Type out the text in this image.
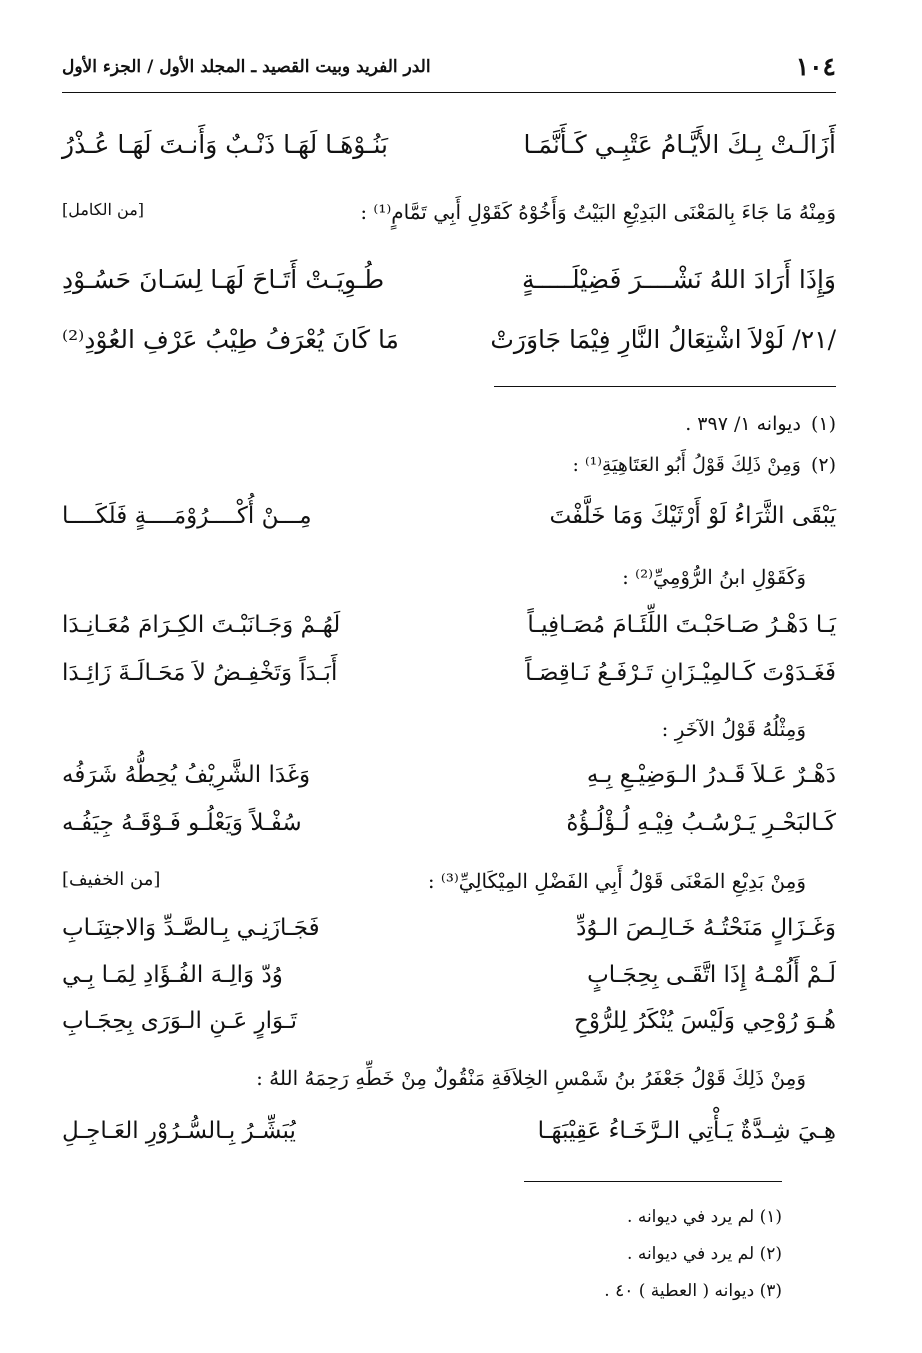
١٠٤
الدر الفريد وبيت القصيد ـ المجلد الأول / الجزء الأول
أَزَالَـتْ بِـكَ الأَيَّـامُ عَتْبِـي كَـأَنَّمَـا
بَنُـوْهَـا لَهَـا ذَنْـبٌ وَأَنـتَ لَهَـا عُـذْرُ
وَمِنْهُ مَا جَاءَ بِالمَعْنَى البَدِيْعِ البَيْتُ وَأَخُوْهُ كَقَوْلِ أَبِي تَمَّامٍ⁽¹⁾ :
[من الكامل]
وَإِذَا أَرَادَ اللهُ نَشْــــرَ فَضِيْلَـــــةٍ
طُـوِيَـتْ أَتَـاحَ لَهَـا لِسَـانَ حَسُـوْدِ
/٢١/ لَوْلاَ اشْتِعَالُ النَّارِ فِيْمَا جَاوَرَتْ
مَا كَانَ يُعْرَفُ طِيْبُ عَرْفِ العُوْدِ⁽²⁾
(١)ديوانه ١/ ٣٩٧ .
(٢)وَمِنْ ذَلِكَ قَوْلُ أَبُو العَتَاهِيَةِ⁽¹⁾ :
يَبْقَى الثَّرَاءُ لَوْ أَرْثَيْكَ وَمَا خَلَّفْتَ
مِـــنْ أُكْــــرُوْمَــــةٍ فَلَكَــــا
وَكَقَوْلِ ابنُ الرُّوْمِيِّ⁽²⁾ :
يَـا دَهْـرُ صَـاحَبْـتَ اللِّئَـامَ مُصَـافِيـاً
لَهُـمْ وَجَـانَبْـتَ الكِـرَامَ مُعَـانِـدَا
فَغَـدَوْتَ كَـالمِيْـزَانِ تَـرْفَـعُ نَـاقِصَـاً
أَبَـدَاً وَتَخْفِـضُ لاَ مَحَـالَـةَ زَائِـدَا
وَمِثْلُهُ قَوْلُ الآخَرِ :
دَهْـرٌ عَـلاَ قَـدرُ الـوَضِيْـعِ بِـهِ
وَغَدَا الشَّرِيْفُ يُحِطُّهُ شَرَفُه
كَـالبَحْـرِ يَـرْسُـبُ فِيْـهِ لُـؤْلُـؤُهُ
سُفْـلاً وَيَعْلُـو فَـوْقَـهُ جِيَفُـه
وَمِنْ بَدِيْعِ المَعْنَى قَوْلُ أَبِي الفَضْلِ المِيْكَالِيِّ⁽³⁾ :
[من الخفيف]
وَغَـزَالٍ مَنَحْتُـهُ خَـالِـصَ الـوُدِّ
فَجَـازَنِـي بِـالصَّـدِّ وَالاجتِنَـابِ
لَـمْ أَلُمْـهُ إِذَا اتَّقَـى بِحِجَـابٍ
وُدّ وَالِـهَ الفُـؤَادِ لِمَـا بِـي
هُـوَ رُوْحِي وَلَيْسَ يُنْكَرُ لِلرُّوْحِ
تَـوَارٍ عَـنِ الـوَرَى بِحِجَـابِ
وَمِنْ ذَلِكَ قَوْلُ جَعْفَرُ بنُ شَمْسِ الخِلاَفَةِ مَنْقُولٌ مِنْ خَطِّهِ رَحِمَهُ اللهُ :
هِـيَ شِـدَّةٌ يَـأْتِي الـرَّخَـاءُ عَقِيْبَهَـا
يُبَشِّـرُ بِـالسُّـرُوْرِ العَـاجِـلِ
(١) لم يرد في ديوانه .
(٢) لم يرد في ديوانه .
(٣) ديوانه ( العطية ) ٤٠ .
